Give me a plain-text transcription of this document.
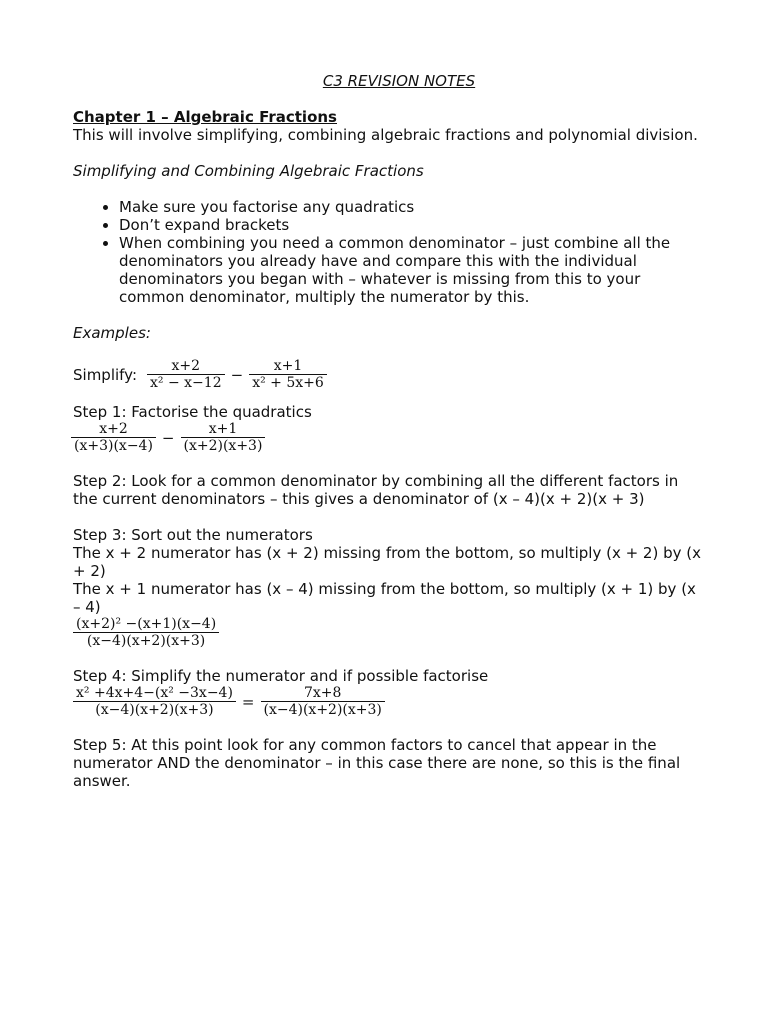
C3 REVISION NOTES

Chapter 1 – Algebraic Fractions

This will involve simplifying, combining algebraic fractions and polynomial division.

Simplifying and Combining Algebraic Fractions

• Make sure you factorise any quadratics
• Don’t expand brackets
• When combining you need a common denominator – just combine all the denominators you already have and compare this with the individual denominators you began with – whatever is missing from this to your common denominator, multiply the numerator by this.

Examples:

Simplify: $\frac{x+2}{\text{x² − x−12}} - \frac{x+1}{\text{x² + 5x+6}}$

Step 1: Factorise the quadratics

$\frac{x+2}{(x+3)(x-4)} - \frac{x+1}{(x+2)(x+3)}$

Step 2: Look for a common denominator by combining all the different factors in the current denominators – this gives a denominator of (x – 4)(x + 2)(x + 3)

Step 3: Sort out the numerators

The x + 2 numerator has (x + 2) missing from the bottom, so multiply (x + 2) by (x + 2)

The x + 1 numerator has (x – 4) missing from the bottom, so multiply (x + 1) by (x – 4)

$\frac{\text{(x+2)² −(x+1)(x−4)}}{(x-4)(x+2)(x+3)}$

Step 4: Simplify the numerator and if possible factorise

$\frac{\text{x² +4x+4−(x² −3x−4)}}{(x-4)(x+2)(x+3)} = \frac{7x+8}{(x-4)(x+2)(x+3)}$

Step 5: At this point look for any common factors to cancel that appear in the numerator AND the denominator – in this case there are none, so this is the final answer.
